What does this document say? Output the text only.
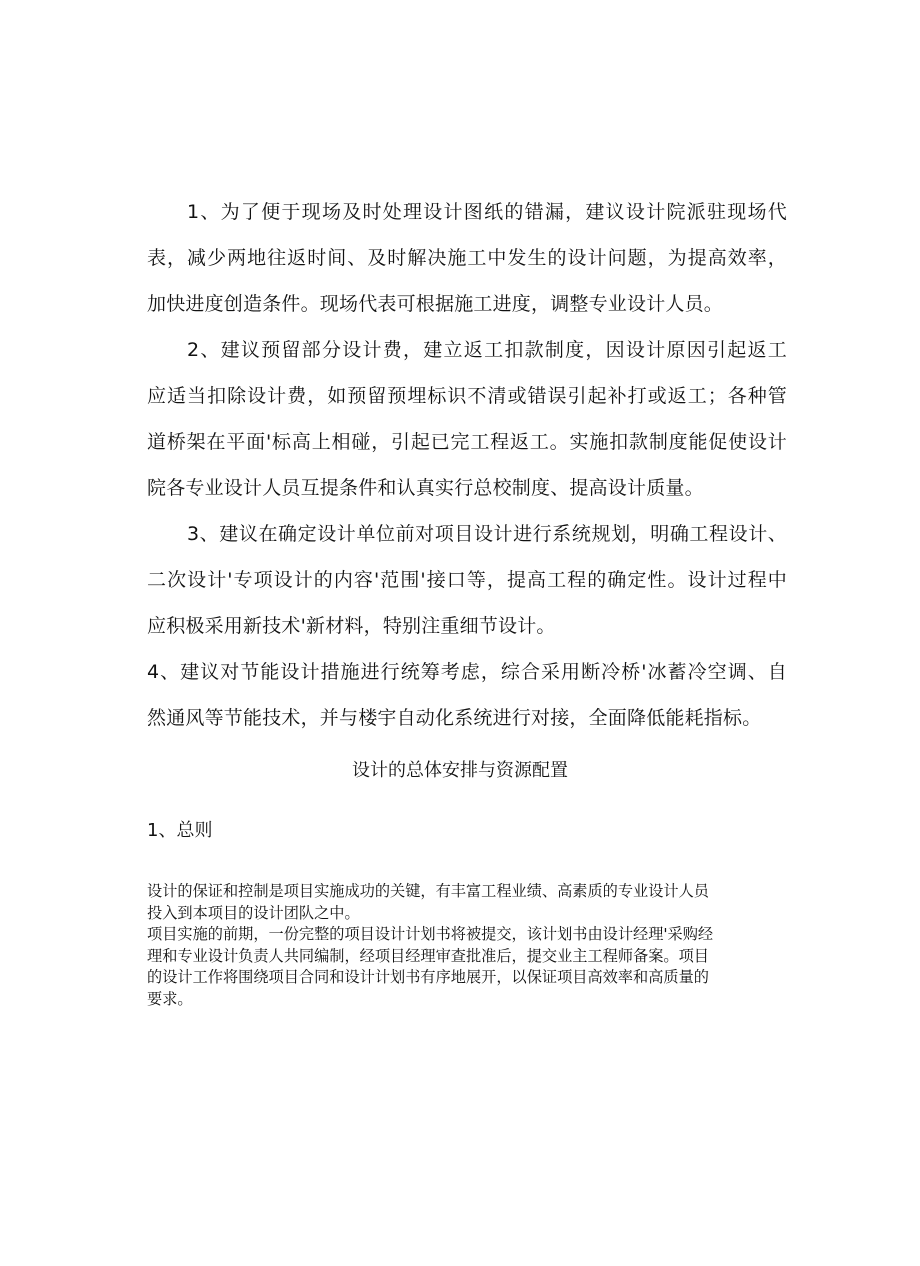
1、为了便于现场及时处理设计图纸的错漏，建议设计院派驻现场代
表，减少两地往返时间、及时解决施工中发生的设计问题，为提高效率，
加快进度创造条件。现场代表可根据施工进度，调整专业设计人员。
2、建议预留部分设计费，建立返工扣款制度，因设计原因引起返工
应适当扣除设计费，如预留预埋标识不清或错误引起补打或返工；各种管
道桥架在平面'标高上相碰，引起已完工程返工。实施扣款制度能促使设计
院各专业设计人员互提条件和认真实行总校制度、提高设计质量。
3、建议在确定设计单位前对项目设计进行系统规划，明确工程设计、
二次设计'专项设计的内容'范围'接口等，提高工程的确定性。设计过程中
应积极采用新技术'新材料，特别注重细节设计。
4、建议对节能设计措施进行统筹考虑，综合采用断冷桥'冰蓄冷空调、自
然通风等节能技术，并与楼宇自动化系统进行对接，全面降低能耗指标。
设计的总体安排与资源配置
1、总则
设计的保证和控制是项目实施成功的关键，有丰富工程业绩、高素质的专业设计人员
投入到本项目的设计团队之中。
项目实施的前期，一份完整的项目设计计划书将被提交，该计划书由设计经理'采购经
理和专业设计负责人共同编制，经项目经理审查批准后，提交业主工程师备案。项目
的设计工作将围绕项目合同和设计计划书有序地展开，以保证项目高效率和高质量的
要求。
